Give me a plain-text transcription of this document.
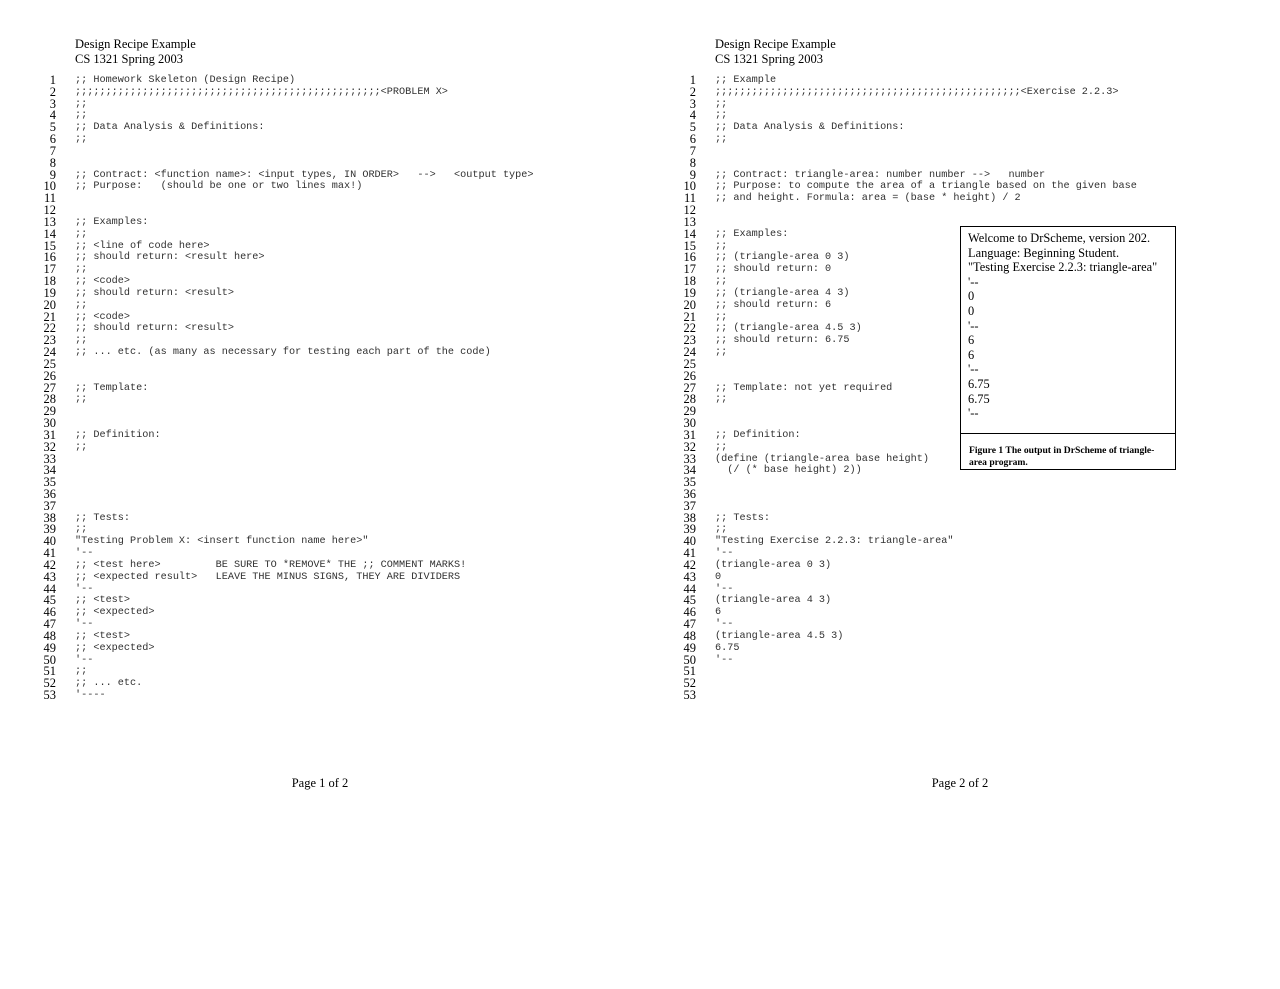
Design Recipe Example
CS 1321 Spring 2003
1
2
3
4
5
6
7
8
9
10
11
12
13
14
15
16
17
18
19
20
21
22
23
24
25
26
27
28
29
30
31
32
33
34
35
36
37
38
39
40
41
42
43
44
45
46
47
48
49
50
51
52
53
;; Homework Skeleton (Design Recipe)
;;;;;;;;;;;;;;;;;;;;;;;;;;;;;;;;;;;;;;;;;;;;;;;;;;<PROBLEM X>
;;
;;
;; Data Analysis & Definitions:
;;
;; Contract: <function name>: <input types, IN ORDER>   -->   <output type>
;; Purpose:   (should be one or two lines max!)
;; Examples:
;;
;; <line of code here>
;; should return: <result here>
;;
;; <code>
;; should return: <result>
;;
;; <code>
;; should return: <result>
;;
;; ... etc. (as many as necessary for testing each part of the code)
;; Template:
;;
;; Definition:
;;
;; Tests:
;;
"Testing Problem X: <insert function name here>"
'--
;; <test here>         BE SURE TO *REMOVE* THE ;; COMMENT MARKS!
;; <expected result>   LEAVE THE MINUS SIGNS, THEY ARE DIVIDERS
'--
;; <test>
;; <expected>
'--
;; <test>
;; <expected>
'--
;;
;; ... etc.
'----
Page 1 of 2
Design Recipe Example
CS 1321 Spring 2003
1
2
3
4
5
6
7
8
9
10
11
12
13
14
15
16
17
18
19
20
21
22
23
24
25
26
27
28
29
30
31
32
33
34
35
36
37
38
39
40
41
42
43
44
45
46
47
48
49
50
51
52
53
;; Example
;;;;;;;;;;;;;;;;;;;;;;;;;;;;;;;;;;;;;;;;;;;;;;;;;;<Exercise 2.2.3>
;;
;;
;; Data Analysis & Definitions:
;;
;; Contract: triangle-area: number number -->   number
;; Purpose: to compute the area of a triangle based on the given base
;; and height. Formula: area = (base * height) / 2
;; Examples:
;;
;; (triangle-area 0 3)
;; should return: 0
;;
;; (triangle-area 4 3)
;; should return: 6
;;
;; (triangle-area 4.5 3)
;; should return: 6.75
;;
;; Template: not yet required
;;
;; Definition:
;;
(define (triangle-area base height)
(/ (* base height) 2))
;; Tests:
;;
"Testing Exercise 2.2.3: triangle-area"
'--
(triangle-area 0 3)
0
'--
(triangle-area 4 3)
6
'--
(triangle-area 4.5 3)
6.75
'--
Welcome to DrScheme, version 202.
Language: Beginning Student.
"Testing Exercise 2.2.3: triangle-area"
'--
0
0
'--
6
6
'--
6.75
6.75
'--
Figure 1 The output in DrScheme of triangle-area program.
Page 2 of 2
